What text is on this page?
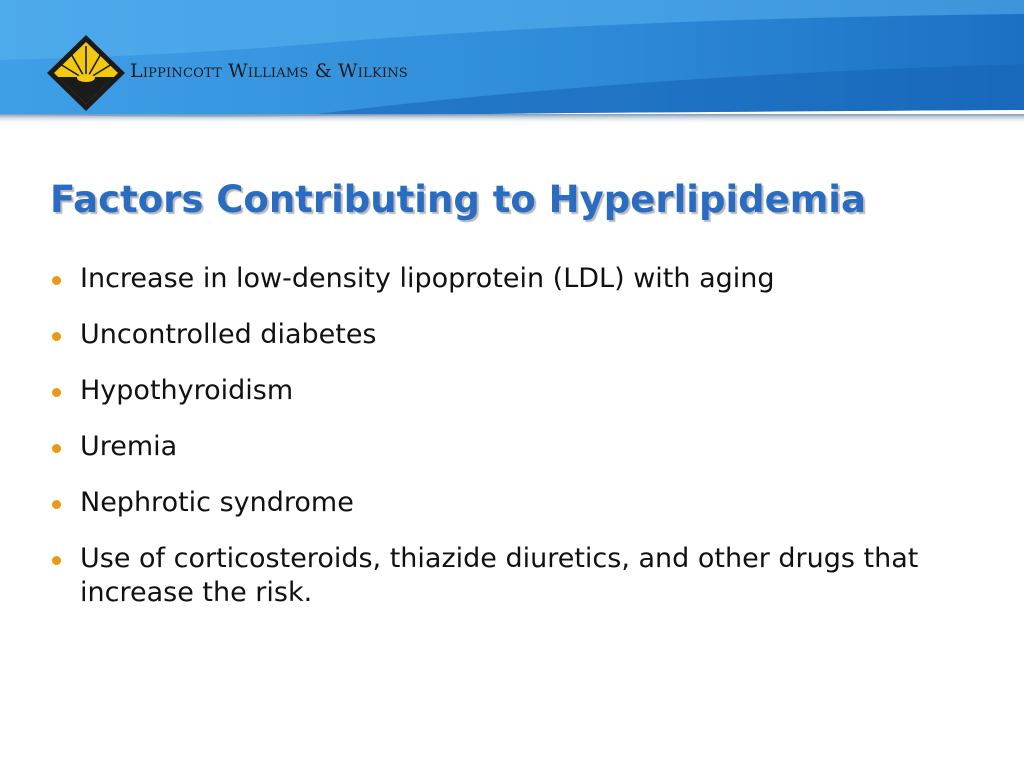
Lippincott Williams & Wilkins
Factors Contributing to Hyperlipidemia
Increase in low-density lipoprotein (LDL) with aging
Uncontrolled diabetes
Hypothyroidism
Uremia
Nephrotic syndrome
Use of corticosteroids, thiazide diuretics, and other drugs that increase the risk.
